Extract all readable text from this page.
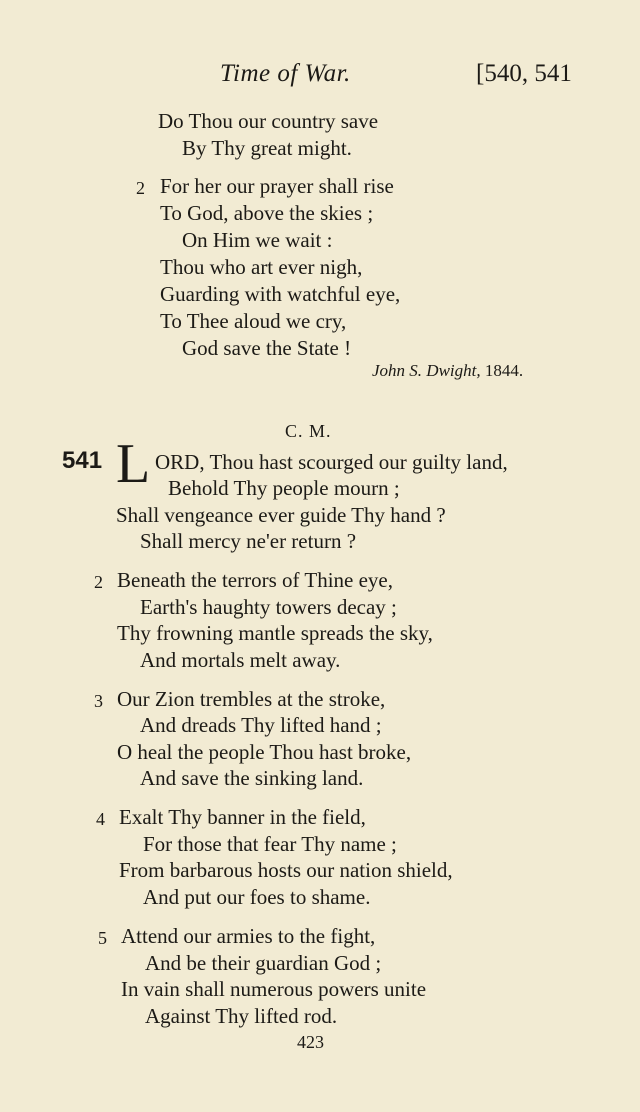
Time of War.	[540, 541
Do Thou our country save
By Thy great might.
2 For her our prayer shall rise
To God, above the skies ;
On Him we wait :
Thou who art ever nigh,
Guarding with watchful eye,
To Thee aloud we cry,
God save the State !
John S. Dwight, 1844.
C. M.
541 L ORD, Thou hast scourged our guilty land,
Behold Thy people mourn ;
Shall vengeance ever guide Thy hand ?
Shall mercy ne'er return ?
2 Beneath the terrors of Thine eye,
Earth's haughty towers decay ;
Thy frowning mantle spreads the sky,
And mortals melt away.
3 Our Zion trembles at the stroke,
And dreads Thy lifted hand ;
O heal the people Thou hast broke,
And save the sinking land.
4 Exalt Thy banner in the field,
For those that fear Thy name ;
From barbarous hosts our nation shield,
And put our foes to shame.
5 Attend our armies to the fight,
And be their guardian God ;
In vain shall numerous powers unite
Against Thy lifted rod.
423
